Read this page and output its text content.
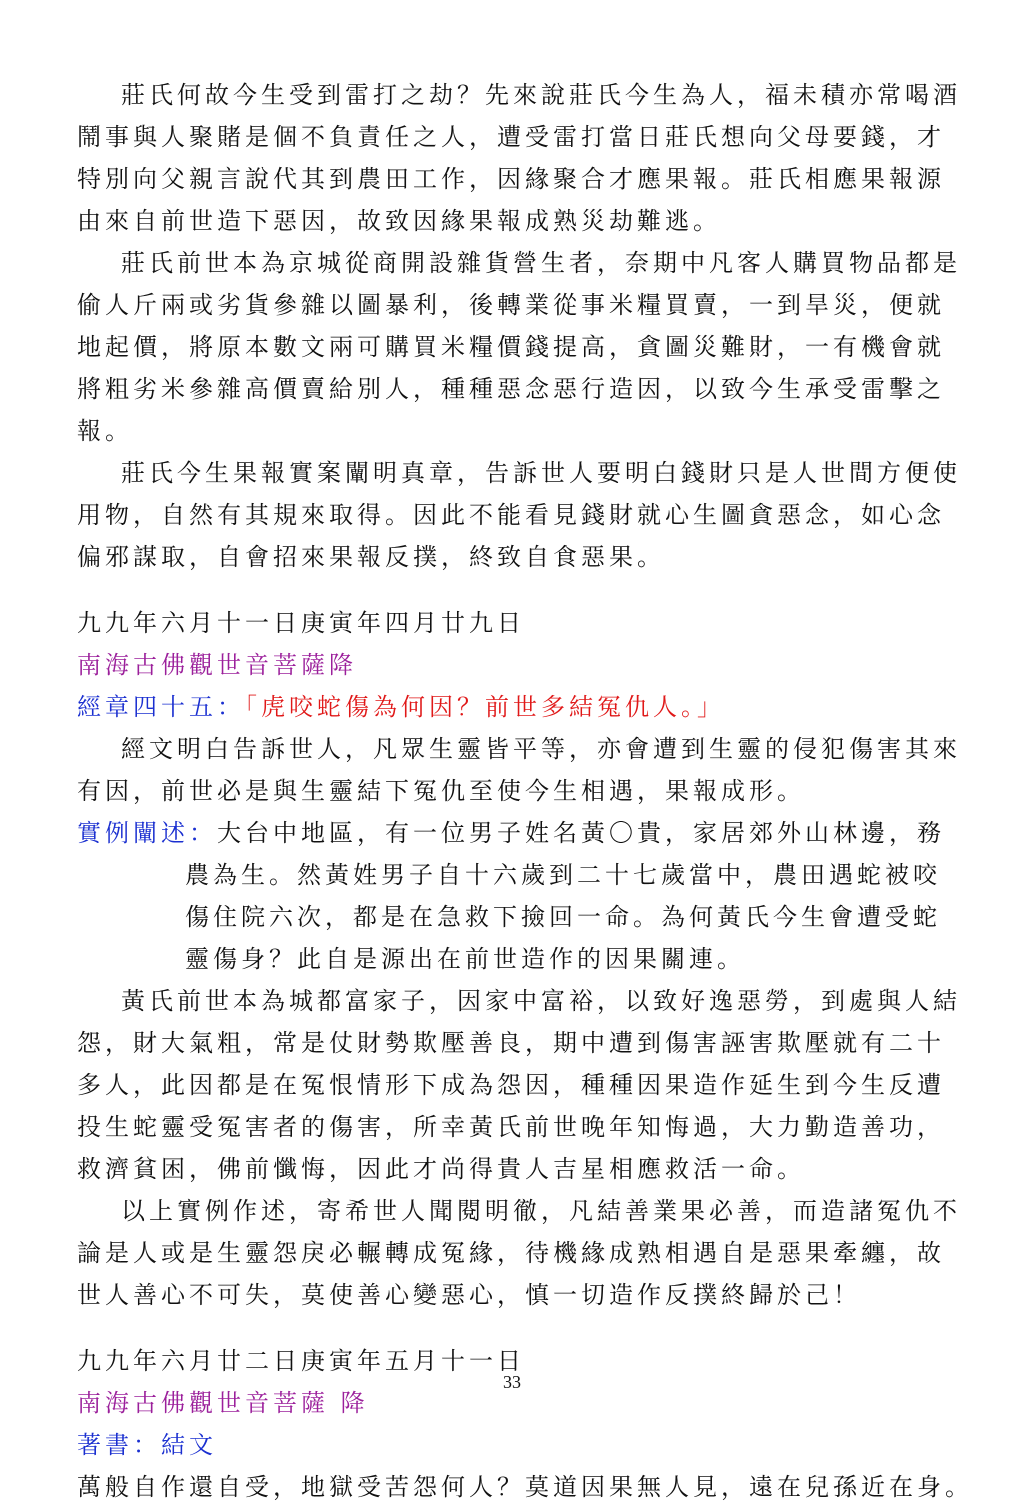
莊氏何故今生受到雷打之劫？先來說莊氏今生為人，福未積亦常喝酒
鬧事與人聚賭是個不負責任之人，遭受雷打當日莊氏想向父母要錢，才
特別向父親言說代其到農田工作，因緣聚合才應果報。莊氏相應果報源
由來自前世造下惡因，故致因緣果報成熟災劫難逃。
莊氏前世本為京城從商開設雜貨營生者，奈期中凡客人購買物品都是
偷人斤兩或劣貨參雜以圖暴利，後轉業從事米糧買賣，一到旱災，便就
地起價，將原本數文兩可購買米糧價錢提高，貪圖災難財，一有機會就
將粗劣米參雜高價賣給別人，種種惡念惡行造因，以致今生承受雷擊之
報。
莊氏今生果報實案闡明真章，告訴世人要明白錢財只是人世間方便使
用物，自然有其規來取得。因此不能看見錢財就心生圖貪惡念，如心念
偏邪謀取，自會招來果報反撲，終致自食惡果。
九九年六月十一日庚寅年四月廿九日
南海古佛觀世音菩薩降
經章四十五：「虎咬蛇傷為何因？前世多結冤仇人。」
經文明白告訴世人，凡眾生靈皆平等，亦會遭到生靈的侵犯傷害其來
有因，前世必是與生靈結下冤仇至使今生相遇，果報成形。
實例闡述：大台中地區，有一位男子姓名黃〇貴，家居郊外山林邊，務
農為生。然黃姓男子自十六歲到二十七歲當中，農田遇蛇被咬
傷住院六次，都是在急救下撿回一命。為何黃氏今生會遭受蛇
靈傷身？此自是源出在前世造作的因果關連。
黃氏前世本為城都富家子，因家中富裕，以致好逸惡勞，到處與人結
怨，財大氣粗，常是仗財勢欺壓善良，期中遭到傷害誣害欺壓就有二十
多人，此因都是在冤恨情形下成為怨因，種種因果造作延生到今生反遭
投生蛇靈受冤害者的傷害，所幸黃氏前世晚年知悔過，大力勤造善功，
救濟貧困，佛前懺悔，因此才尚得貴人吉星相應救活一命。
以上實例作述，寄希世人聞閱明徹，凡結善業果必善，而造諸冤仇不
論是人或是生靈怨戾必輾轉成冤緣，待機緣成熟相遇自是惡果牽纏，故
世人善心不可失，莫使善心變惡心，慎一切造作反撲終歸於己！
九九年六月廿二日庚寅年五月十一日
南海古佛觀世音菩薩 降
著書：結文
萬般自作還自受，地獄受苦怨何人？莫道因果無人見，遠在兒孫近在身。
33
